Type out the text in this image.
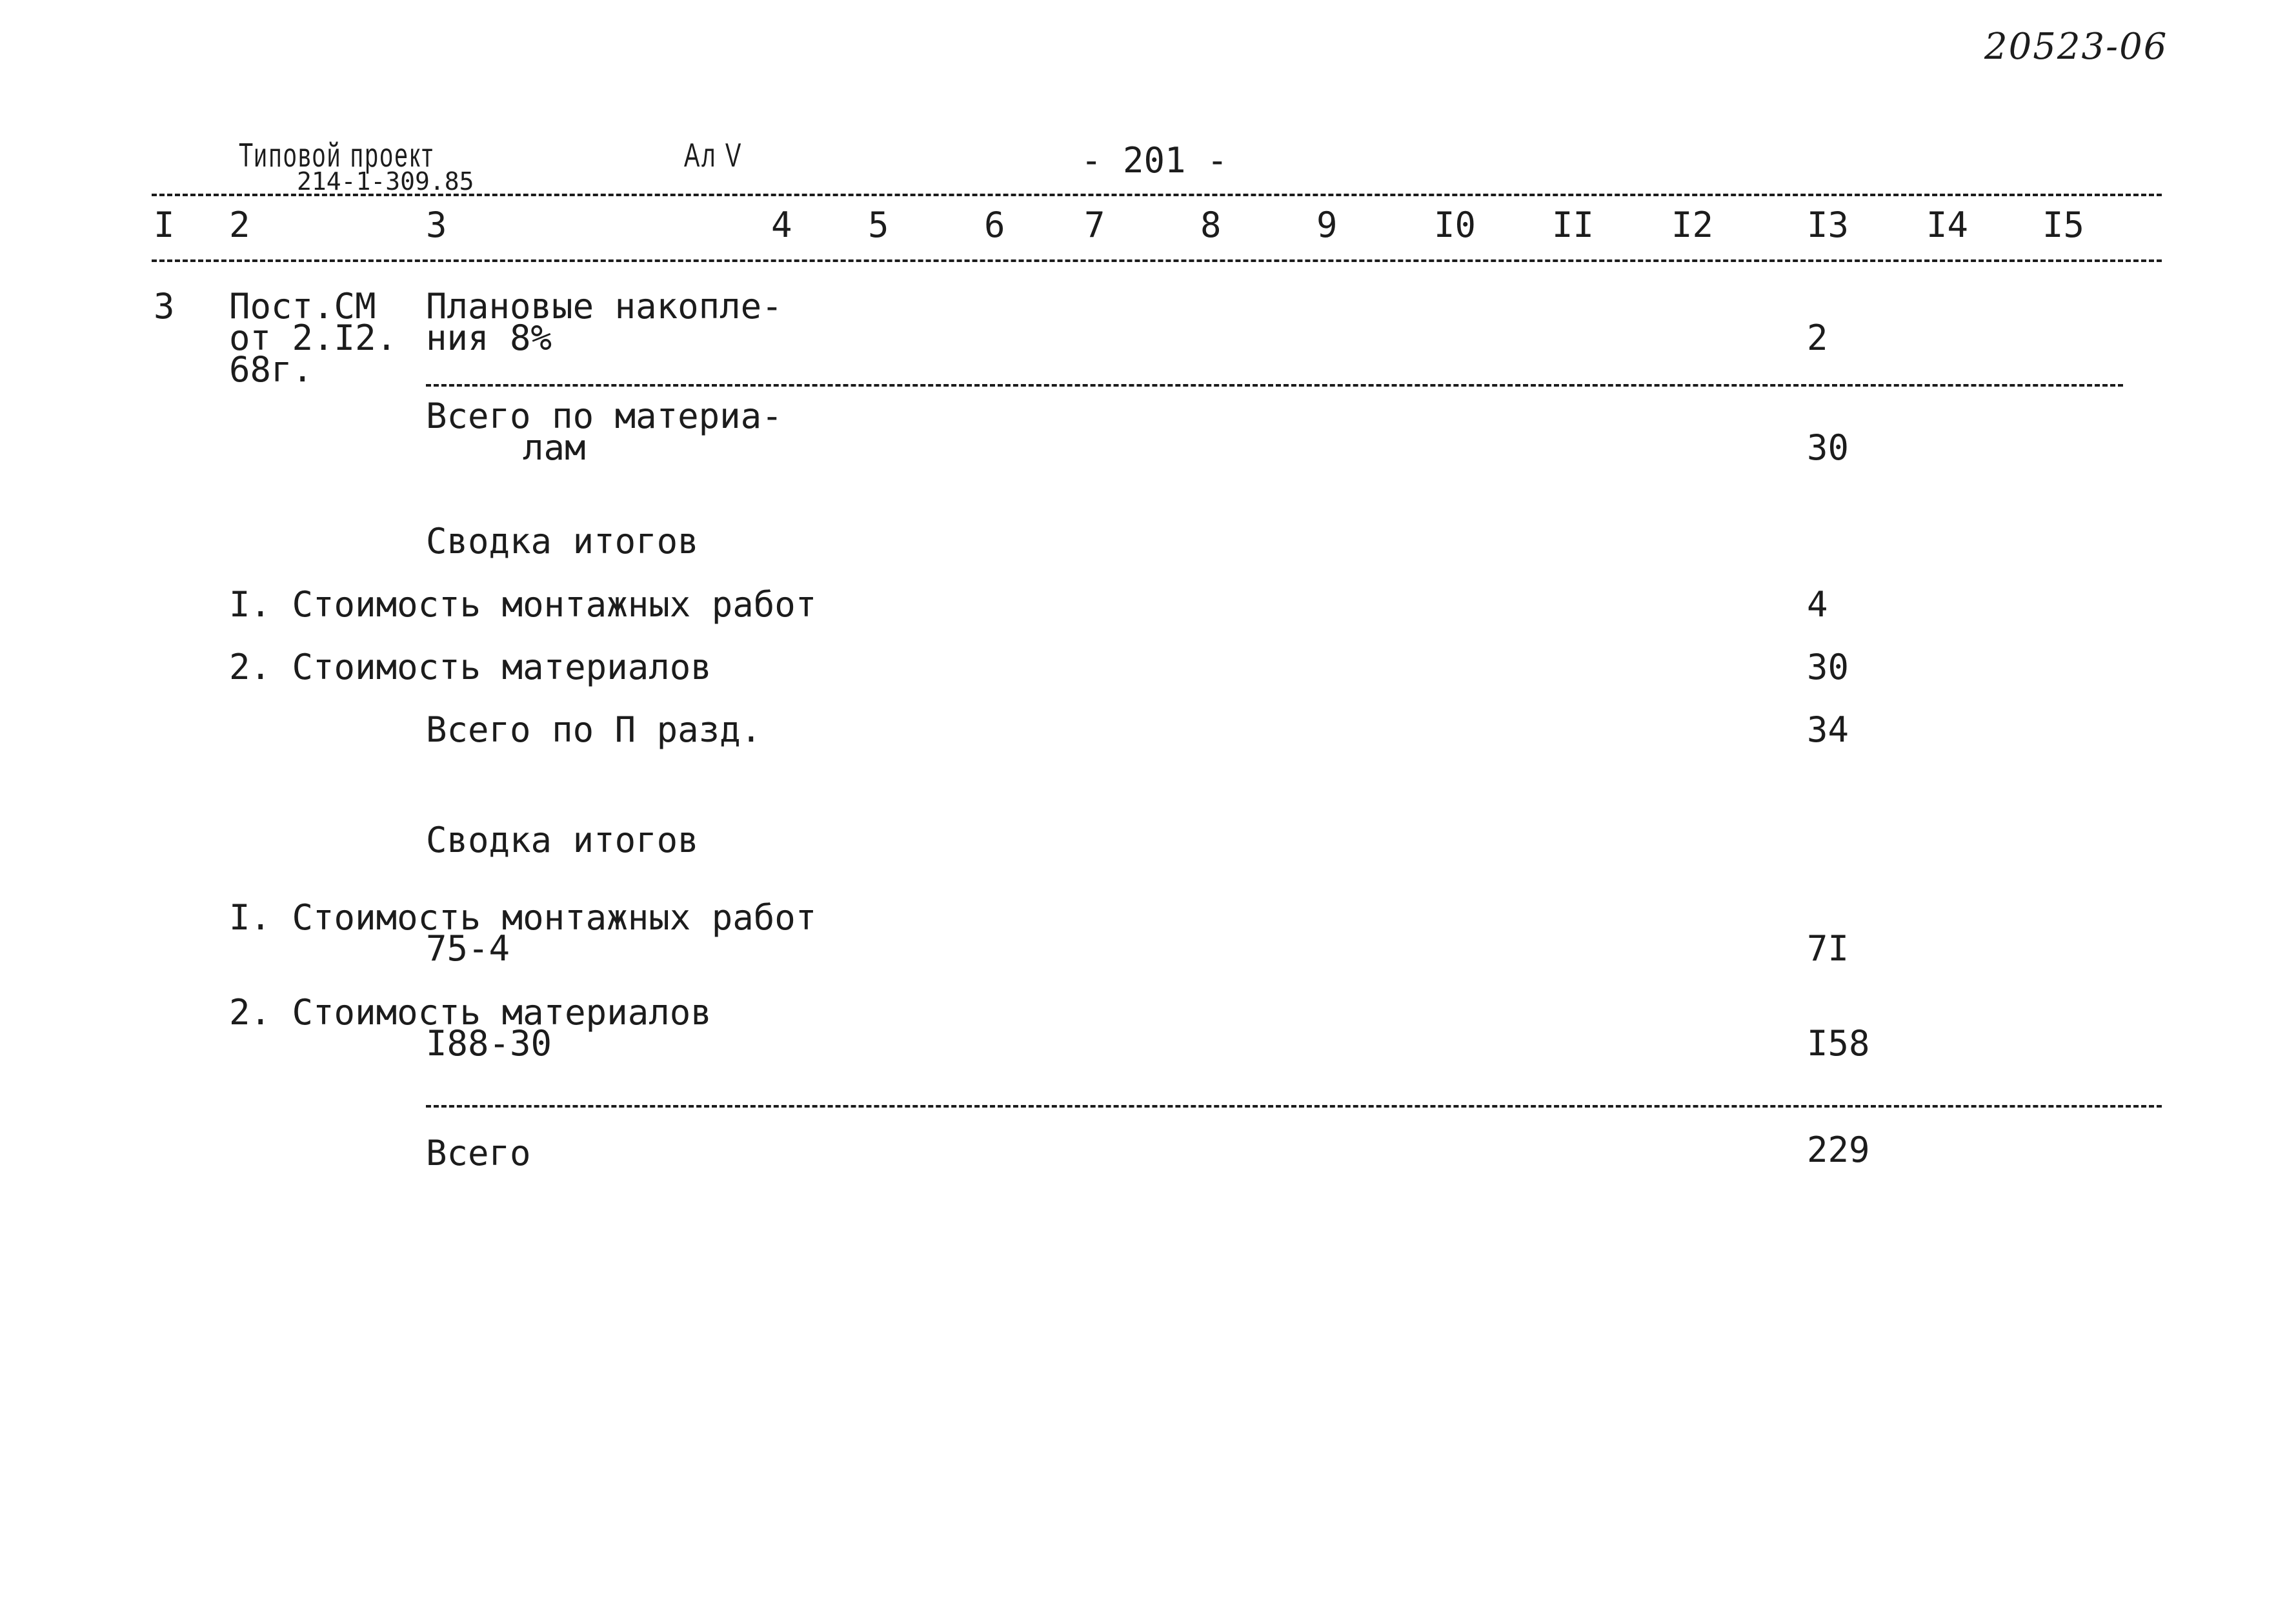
20523-06
Типовой проект
214-1-309.85
Ал V	- 201 -
I 2	3	4 5	6 7	8	9	I0 II I2	I3 I4 I5
3 Пост.СМ
от 2.I2.
68г.
Плановые накопле-
ния 8%	2
Всего по материа-
лам	30
Сводка итогов
I. Стоимость монтажных работ	4
2. Стоимость материалов	30
Всего по П разд.	34
Сводка итогов
I. Стоимость монтажных работ
75-4	7I
2. Стоимость материалов
I88-30	I58
Всего	229
